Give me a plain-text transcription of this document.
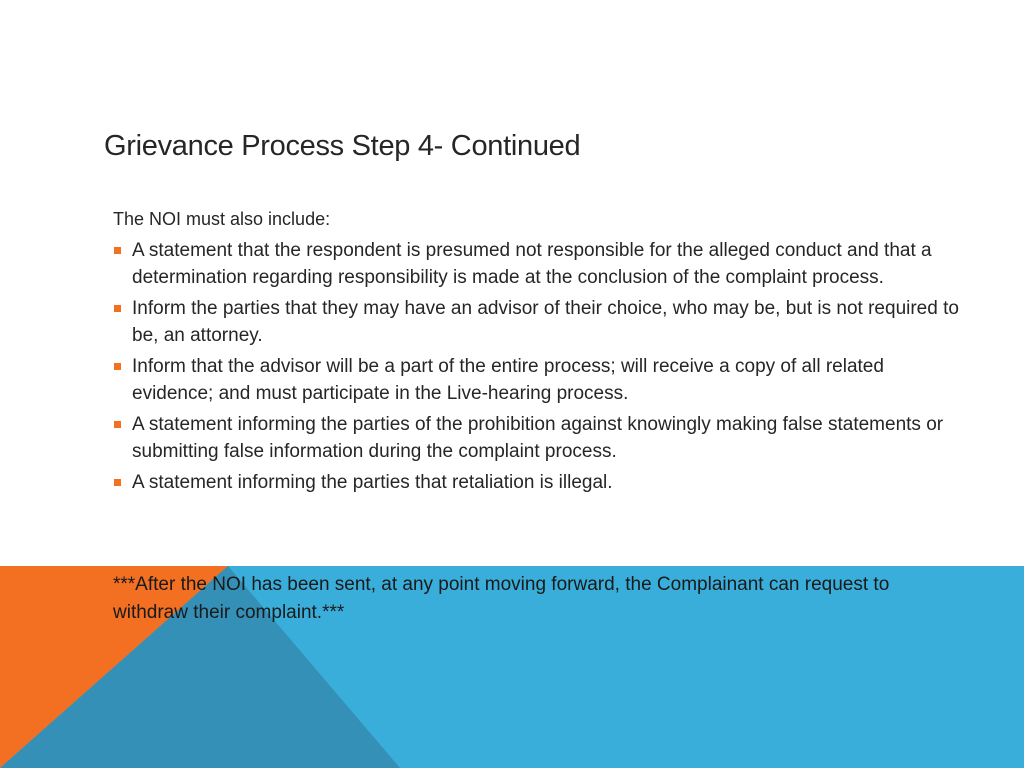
Grievance Process Step 4- Continued
The NOI must also include:
A statement that the respondent is presumed not responsible for the alleged conduct and that a determination regarding responsibility is made at the conclusion of the complaint process.
Inform the parties that they may have an advisor of their choice, who may be, but is not required to be, an attorney.
Inform that the advisor will be a part of the entire process; will receive a copy of all related evidence; and must participate in the Live-hearing process.
A statement informing the parties of the prohibition against knowingly making false statements or submitting false information during the complaint process.
A statement informing the parties that retaliation is illegal.
***After the NOI has been sent, at any point moving forward, the Complainant can request to withdraw their complaint.***
